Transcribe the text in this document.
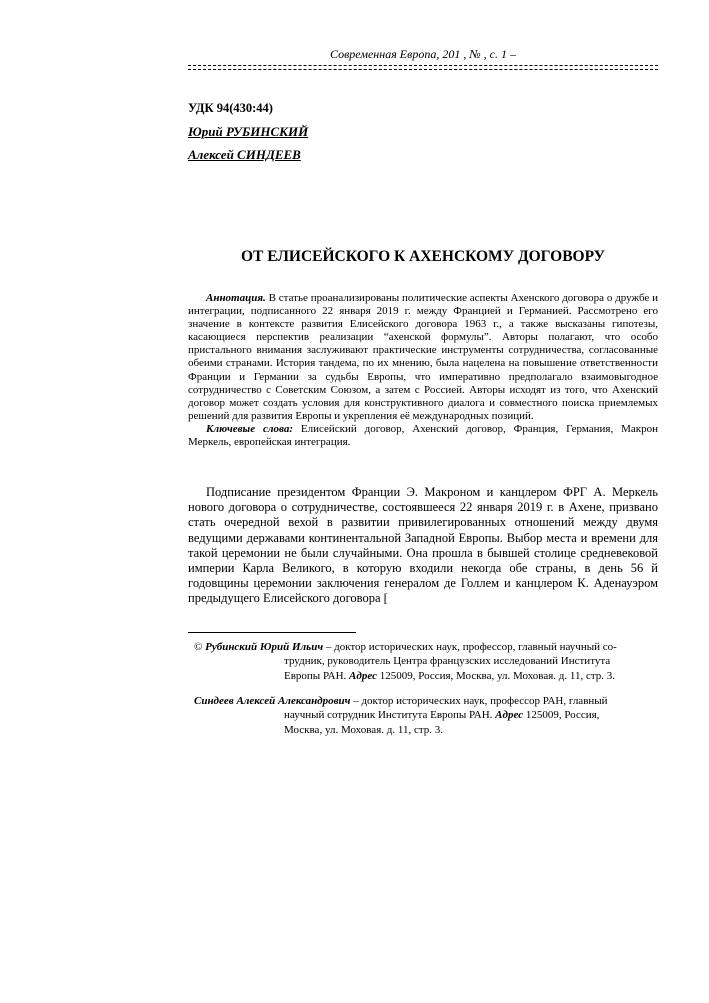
Современная Европа, 201 , № , с. 1 –
УДК 94(430:44)
Юрий РУБИНСКИЙ
Алексей СИНДЕЕВ
ОТ ЕЛИСЕЙСКОГО К АХЕНСКОМУ ДОГОВОРУ

Аннотация. В статье проанализированы политические аспекты Ахенского договора о дружбе и интеграции, подписанного 22 января 2019 г. между Францией и Германией. Рассмотрено его значение в контексте развития Елисейского договора 1963 г., а также высказаны гипотезы, касающиеся перспектив реализации “ахенской формулы”. Авторы полагают, что особо пристального внимания заслуживают практические инструменты сотрудничества, согласованные обеими странами. История тандема, по их мнению, была нацелена на повышение ответственности Франции и Германии за судьбы Европы, что императивно предполагало взаимовыгодное сотрудничество с Советским Союзом, а затем с Россией. Авторы исходят из того, что Ахенский договор может создать условия для конструктивного диалога и совместного поиска приемлемых решений для развития Европы и укрепления её международных позиций.

Ключевые слова: Елисейский договор, Ахенский договор, Франция, Германия, Макрон Меркель, европейская интеграция.

Подписание президентом Франции Э. Макроном и канцлером ФРГ А. Меркель нового договора о сотрудничестве, состоявшееся 22 января 2019 г. в Ахене, призвано стать очередной вехой в развитии привилегированных отношений между двумя ведущими державами континентальной Западной Европы. Выбор места и времени для такой церемонии не были случайными. Она прошла в бывшей столице средневековой империи Карла Великого, в которую входили некогда обе страны, в день 56 й годовщины церемонии заключения генералом де Голлем и канцлером К. Аденауэром предыдущего Елисейского договора [

© Рубинский Юрий Ильич – доктор исторических наук, профессор, главный научный со-
трудник, руководитель Центра французских исследований Института
Европы РАН. Адрес 125009, Россия, Москва, ул. Моховая. д. 11, стр. 3.
Синдеев Алексей Александрович – доктор исторических наук, профессор РАН, главный
научный сотрудник Института Европы РАН. Адрес 125009, Россия,
Москва, ул. Моховая. д. 11, стр. 3.
